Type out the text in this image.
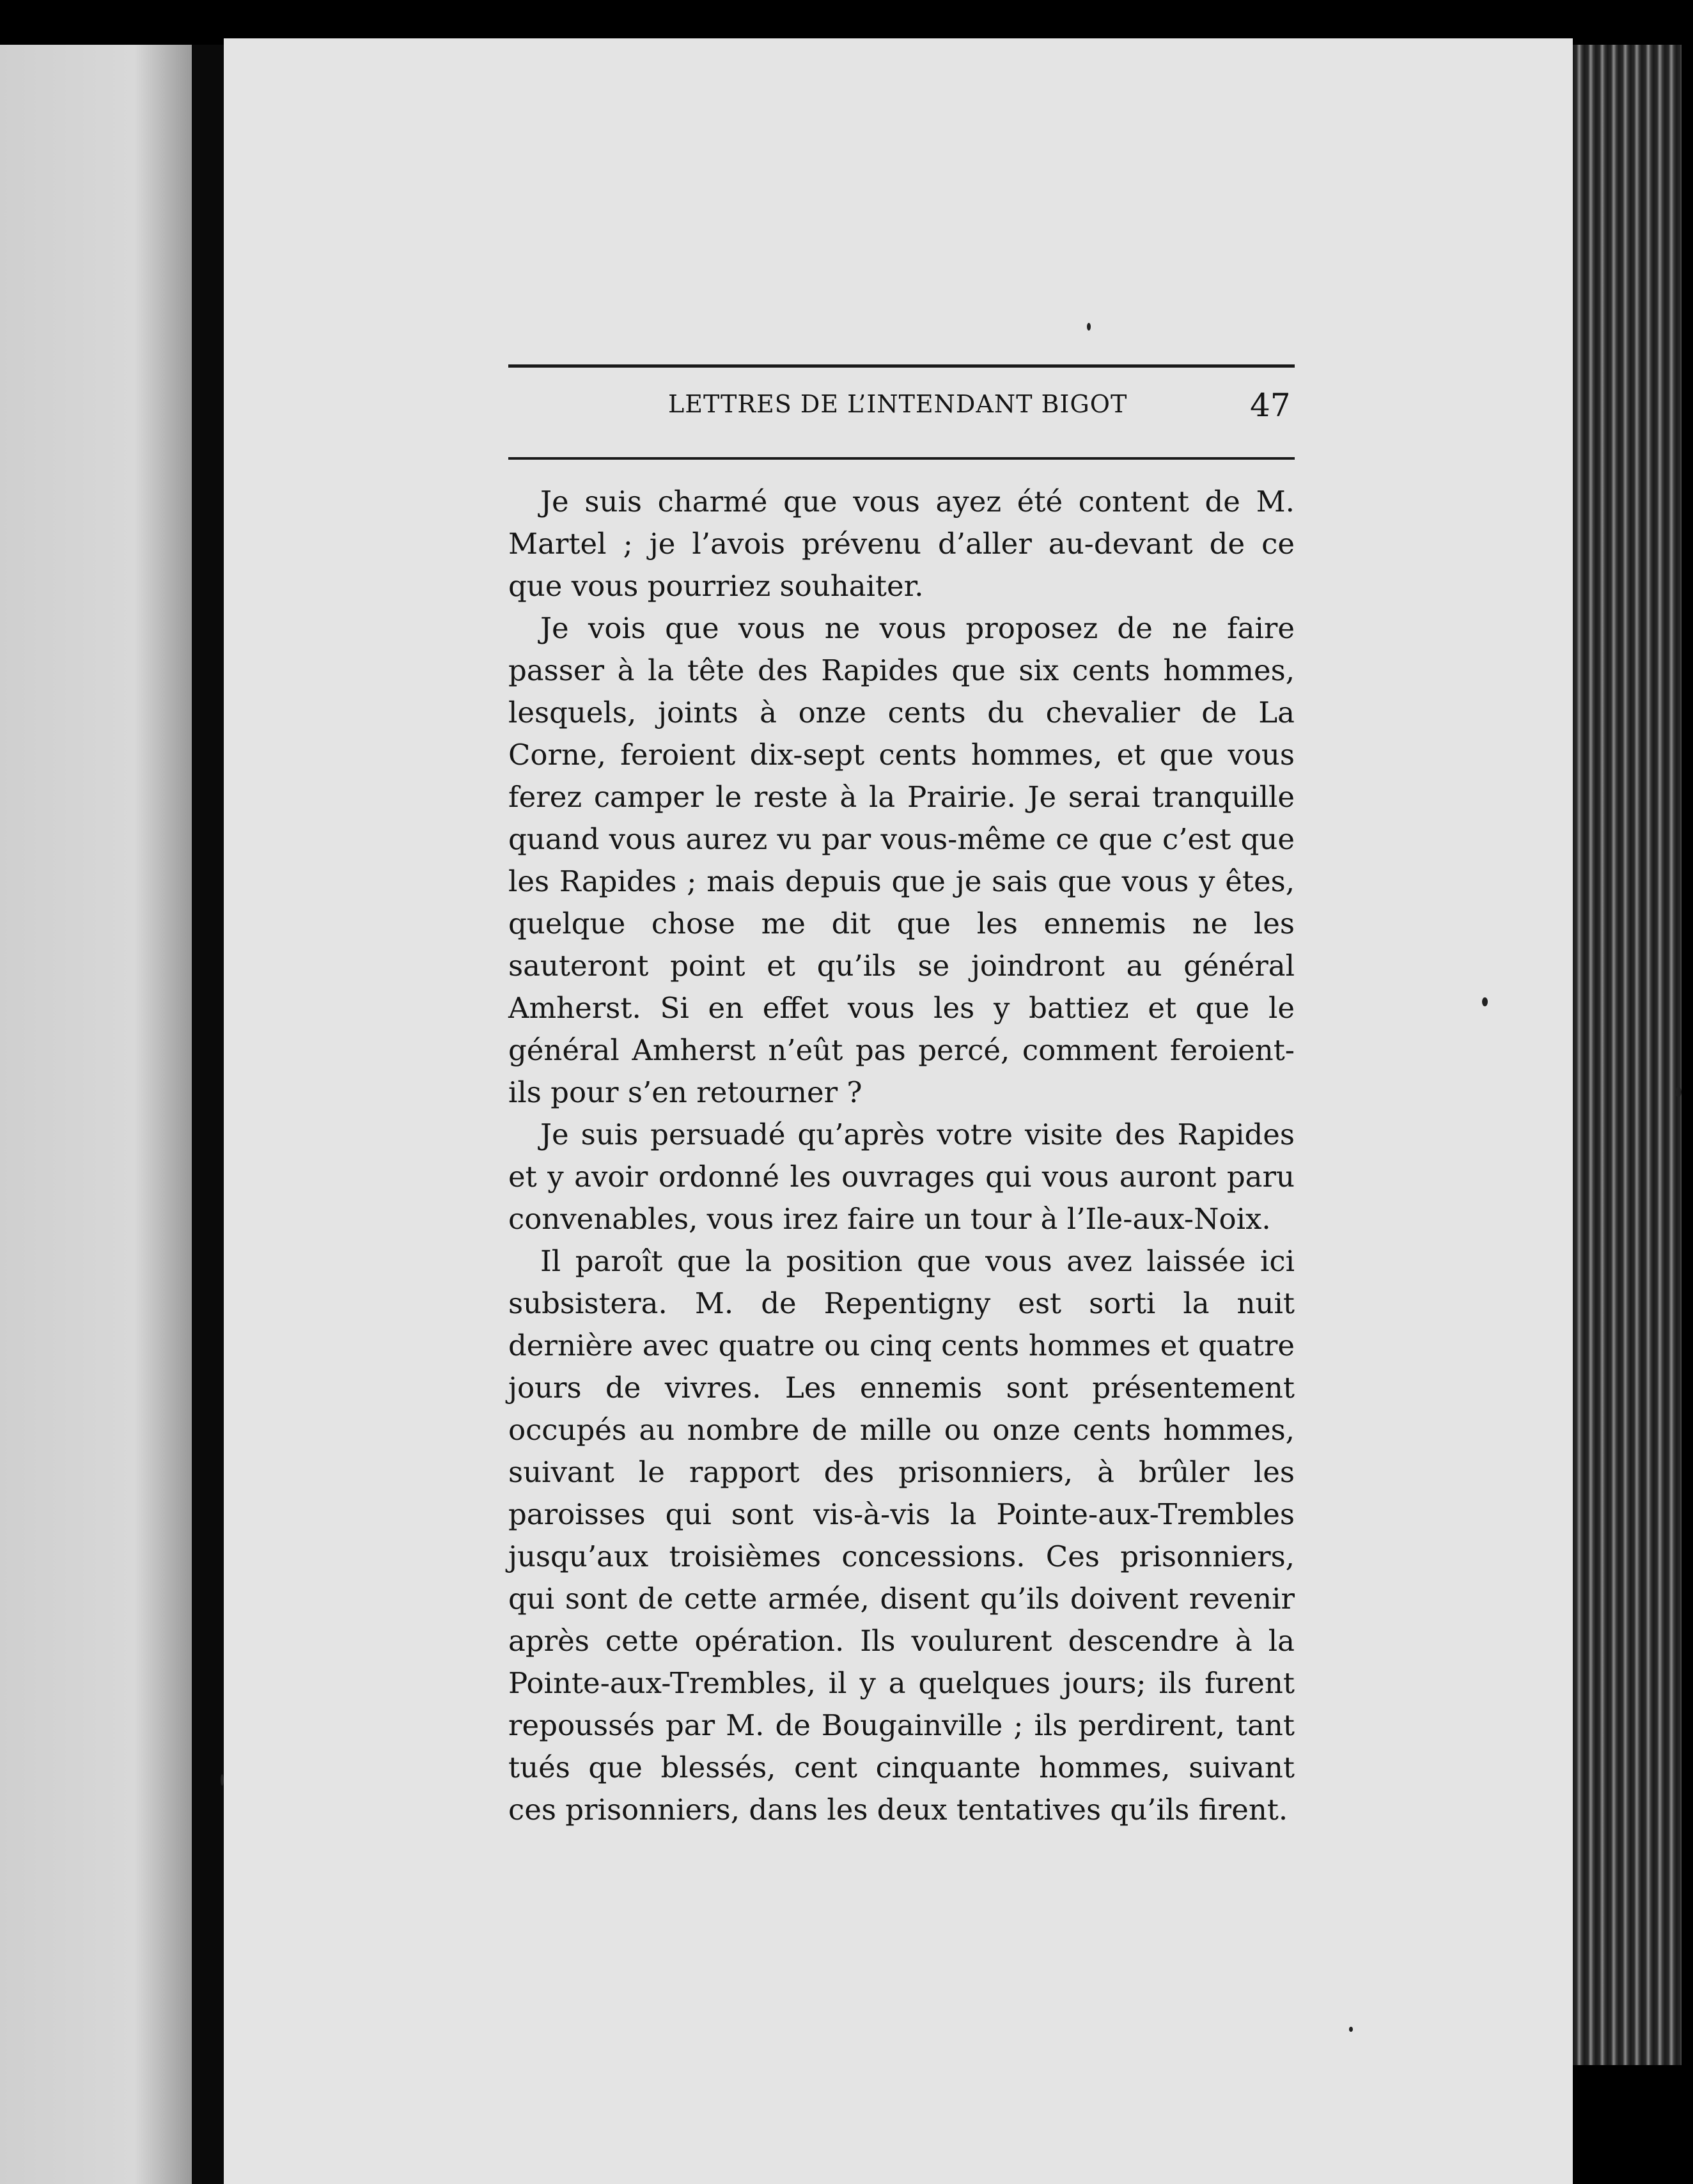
LETTRES DE L’INTENDANT BIGOT	47

Je suis charmé que vous ayez été content de M. Martel ; je l’avois prévenu d’aller au-devant de ce que vous pourriez souhaiter.

Je vois que vous ne vous proposez de ne faire passer à la tête des Rapides que six cents hommes, lesquels, joints à onze cents du chevalier de La Corne, feroient dix-sept cents hommes, et que vous ferez camper le reste à la Prairie. Je serai tranquille quand vous aurez vu par vous-même ce que c’est que les Rapides ; mais depuis que je sais que vous y êtes, quelque chose me dit que les ennemis ne les sauteront point et qu’ils se joindront au général Amherst. Si en effet vous les y battiez et que le général Amherst n’eût pas percé, comment feroient-ils pour s’en retourner ?

Je suis persuadé qu’après votre visite des Rapides et y avoir ordonné les ouvrages qui vous auront paru convenables, vous irez faire un tour à l’Ile-aux-Noix.

Il paroît que la position que vous avez laissée ici subsistera. M. de Repentigny est sorti la nuit dernière avec quatre ou cinq cents hommes et quatre jours de vivres. Les ennemis sont présentement occupés au nombre de mille ou onze cents hommes, suivant le rapport des prisonniers, à brûler les paroisses qui sont vis-à-vis la Pointe-aux-Trembles jusqu’aux troisièmes concessions. Ces prisonniers, qui sont de cette armée, disent qu’ils doivent revenir après cette opération. Ils voulurent descendre à la Pointe-aux-Trembles, il y a quelques jours; ils furent repoussés par M. de Bougainville ; ils perdirent, tant tués que blessés, cent cinquante hommes, suivant ces prisonniers, dans les deux tentatives qu’ils firent.
